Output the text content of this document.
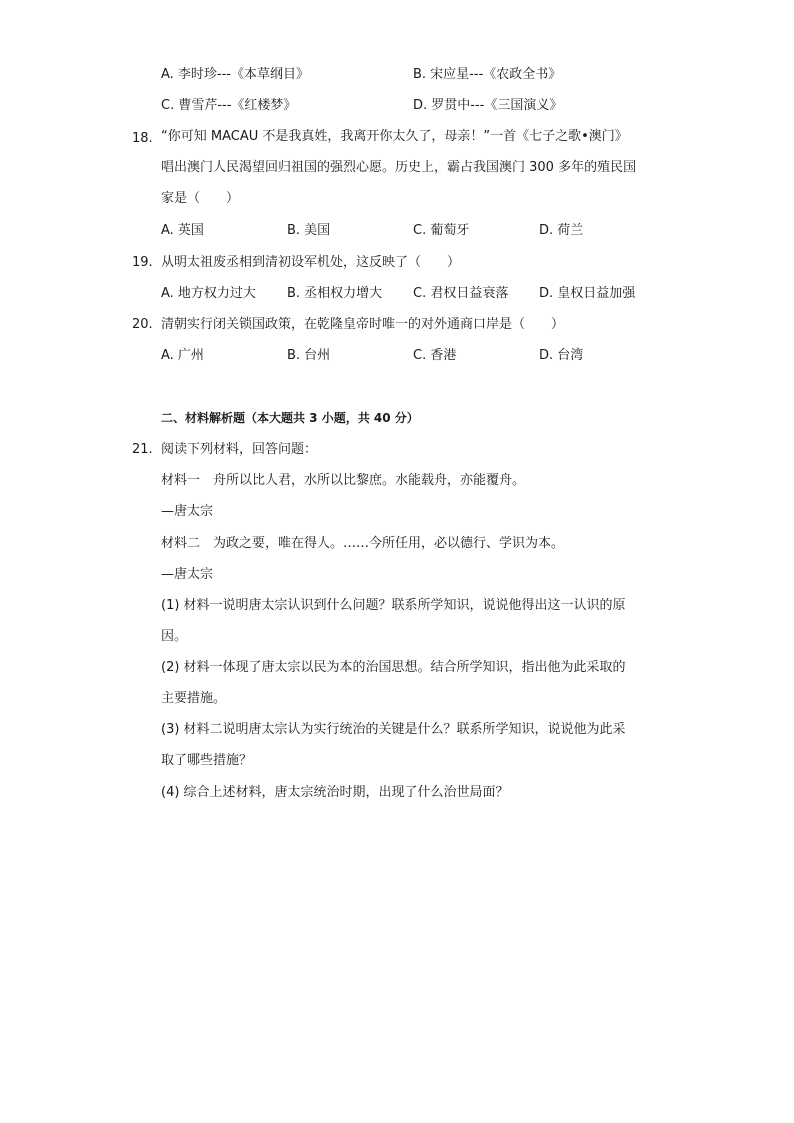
A. 李时珍---《本草纲目》	B. 宋应星---《农政全书》
C. 曹雪芹---《红楼梦》	D. 罗贯中---《三国演义》
18. “你可知 MACAU 不是我真姓，我离开你太久了，母亲！”一首《七子之歌•澳门》
唱出澳门人民渴望回归祖国的强烈心愿。历史上，霸占我国澳门 300 多年的殖民国
家是（　　）
A. 英国	B. 美国	C. 葡萄牙	D. 荷兰
19. 从明太祖废丞相到清初设军机处，这反映了（　　）
A. 地方权力过大 B. 丞相权力增大 C. 君权日益衰落 D. 皇权日益加强
20. 清朝实行闭关锁国政策，在乾隆皇帝时唯一的对外通商口岸是（　　）
A. 广州	B. 台州	C. 香港	D. 台湾
二、材料解析题（本大题共 3 小题，共 40 分）
21. 阅读下列材料，回答问题：
材料一　舟所以比人君，水所以比黎庶。水能载舟，亦能覆舟。
—唐太宗
材料二　为政之要，唯在得人。……今所任用，必以德行、学识为本。
—唐太宗
(1) 材料一说明唐太宗认识到什么问题？联系所学知识，说说他得出这一认识的原
因。
(2) 材料一体现了唐太宗以民为本的治国思想。结合所学知识，指出他为此采取的
主要措施。
(3) 材料二说明唐太宗认为实行统治的关键是什么？联系所学知识，说说他为此采
取了哪些措施？
(4) 综合上述材料，唐太宗统治时期，出现了什么治世局面？
